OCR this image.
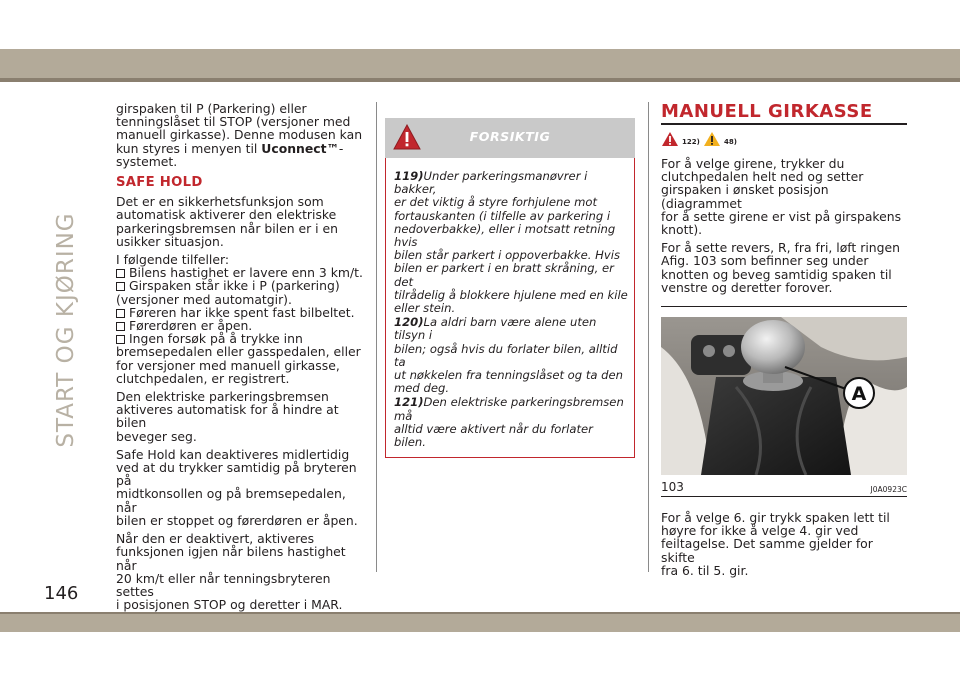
START OG KJØRING

girspaken til P (Parkering) eller
tenningslåset til STOP (versjoner med
manuell girkasse). Denne modusen kan
kun styres i menyen til Uconnect™-
systemet.

SAFE HOLD

Det er en sikkerhetsfunksjon som
automatisk aktiverer den elektriske
parkeringsbremsen når bilen er i en
usikker situasjon.

I følgende tilfeller:
Bilens hastighet er lavere enn 3 km/t.
Girspaken står ikke i P (parkering)
(versjoner med automatgir).
Føreren har ikke spent fast bilbeltet.
Førerdøren er åpen.
Ingen forsøk på å trykke inn
bremsepedalen eller gasspedalen, eller
for versjoner med manuell girkasse,
clutchpedalen, er registrert.

Den elektriske parkeringsbremsen
aktiveres automatisk for å hindre at bilen
beveger seg.

Safe Hold kan deaktiveres midlertidig
ved at du trykker samtidig på bryteren på
midtkonsollen og på bremsepedalen, når
bilen er stoppet og førerdøren er åpen.

Når den er deaktivert, aktiveres
funksjonen igjen når bilens hastighet når
20 km/t eller når tenningsbryteren settes
i posisjonen STOP og deretter i MAR.

FORSIKTIG
119)Under parkeringsmanøvrer i bakker,
er det viktig å styre forhjulene mot
fortauskanten (i tilfelle av parkering i
nedoverbakke), eller i motsatt retning hvis
bilen står parkert i oppoverbakke. Hvis
bilen er parkert i en bratt skråning, er det
tilrådelig å blokkere hjulene med en kile
eller stein.
120)La aldri barn være alene uten tilsyn i
bilen; også hvis du forlater bilen, alltid ta
ut nøkkelen fra tenningslåset og ta den
med deg.
121)Den elektriske parkeringsbremsen må
alltid være aktivert når du forlater bilen.
MANUELL GIRKASSE
122)	48)

For å velge girene, trykker du
clutchpedalen helt ned og setter
girspaken i ønsket posisjon (diagrammet
for å sette girene er vist på girspakens
knott).

For å sette revers, R, fra fri, løft ringen
Afig. 103 som befinner seg under
knotten og beveg samtidig spaken til
venstre og deretter forover.

A
103	J0A0923C

For å velge 6. gir trykk spaken lett til
høyre for ikke å velge 4. gir ved
feiltagelse. Det samme gjelder for skifte
fra 6. til 5. gir.

146
